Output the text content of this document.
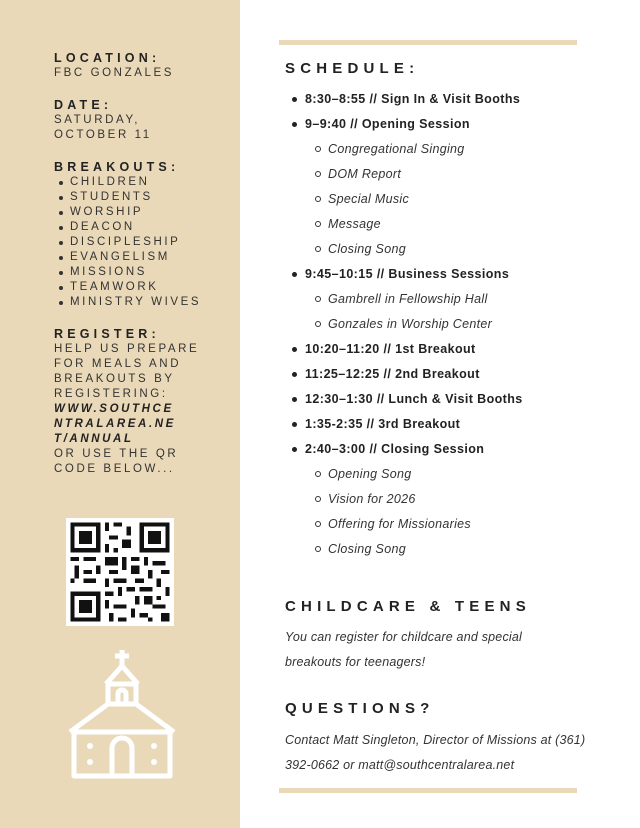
LOCATION:
FBC GONZALES
DATE:
SATURDAY,
OCTOBER 11
BREAKOUTS:
CHILDREN
STUDENTS
WORSHIP
DEACON
DISCIPLESHIP
EVANGELISM
MISSIONS
TEAMWORK
MINISTRY WIVES
REGISTER:
HELP US PREPARE FOR MEALS AND BREAKOUTS BY REGISTERING:
WWW.SOUTHCENTRALAREA.NET/ANNUAL
OR USE THE QR CODE BELOW...
SCHEDULE:
8:30–8:55 // Sign In & Visit Booths
9–9:40 // Opening Session
Congregational Singing
DOM Report
Special Music
Message
Closing Song
9:45–10:15 // Business Sessions
Gambrell in Fellowship Hall
Gonzales in Worship Center
10:20–11:20 // 1st Breakout
11:25–12:25 // 2nd Breakout
12:30–1:30 // Lunch & Visit Booths
1:35-2:35 // 3rd Breakout
2:40–3:00 // Closing Session
Opening Song
Vision for 2026
Offering for Missionaries
Closing Song
CHILDCARE & TEENS
You can register for childcare and special breakouts for teenagers!
QUESTIONS?
Contact Matt Singleton, Director of Missions at (361) 392-0662 or matt@southcentralarea.net
